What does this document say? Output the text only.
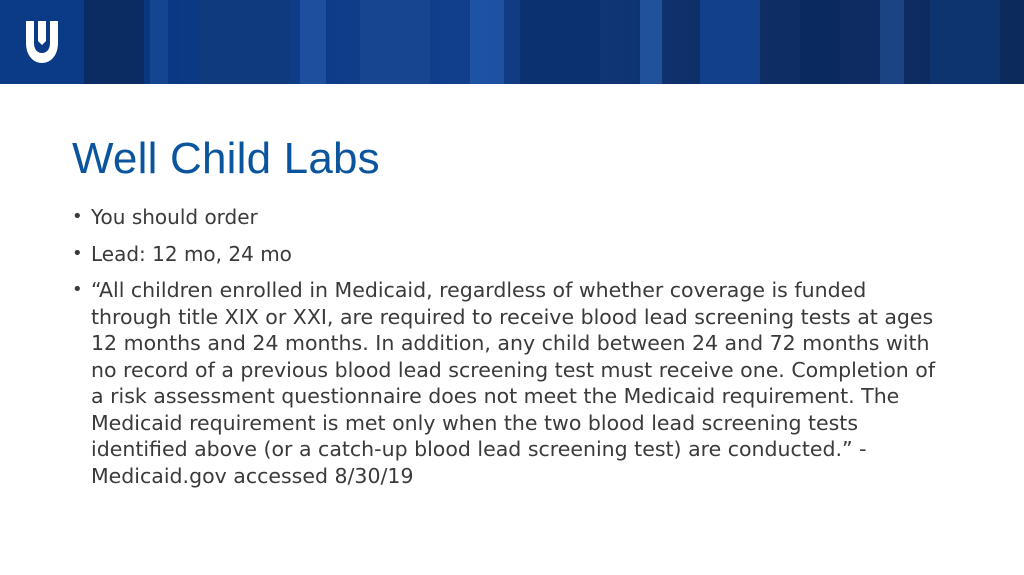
Well Child Labs
• You should order
• Lead: 12 mo, 24 mo
• “All children enrolled in Medicaid, regardless of whether coverage is funded through title XIX or XXI, are required to receive blood lead screening tests at ages 12 months and 24 months. In addition, any child between 24 and 72 months with no record of a previous blood lead screening test must receive one. Completion of a risk assessment questionnaire does not meet the Medicaid requirement. The Medicaid requirement is met only when the two blood lead screening tests identified above (or a catch-up blood lead screening test) are conducted.” - Medicaid.gov accessed 8/30/19
